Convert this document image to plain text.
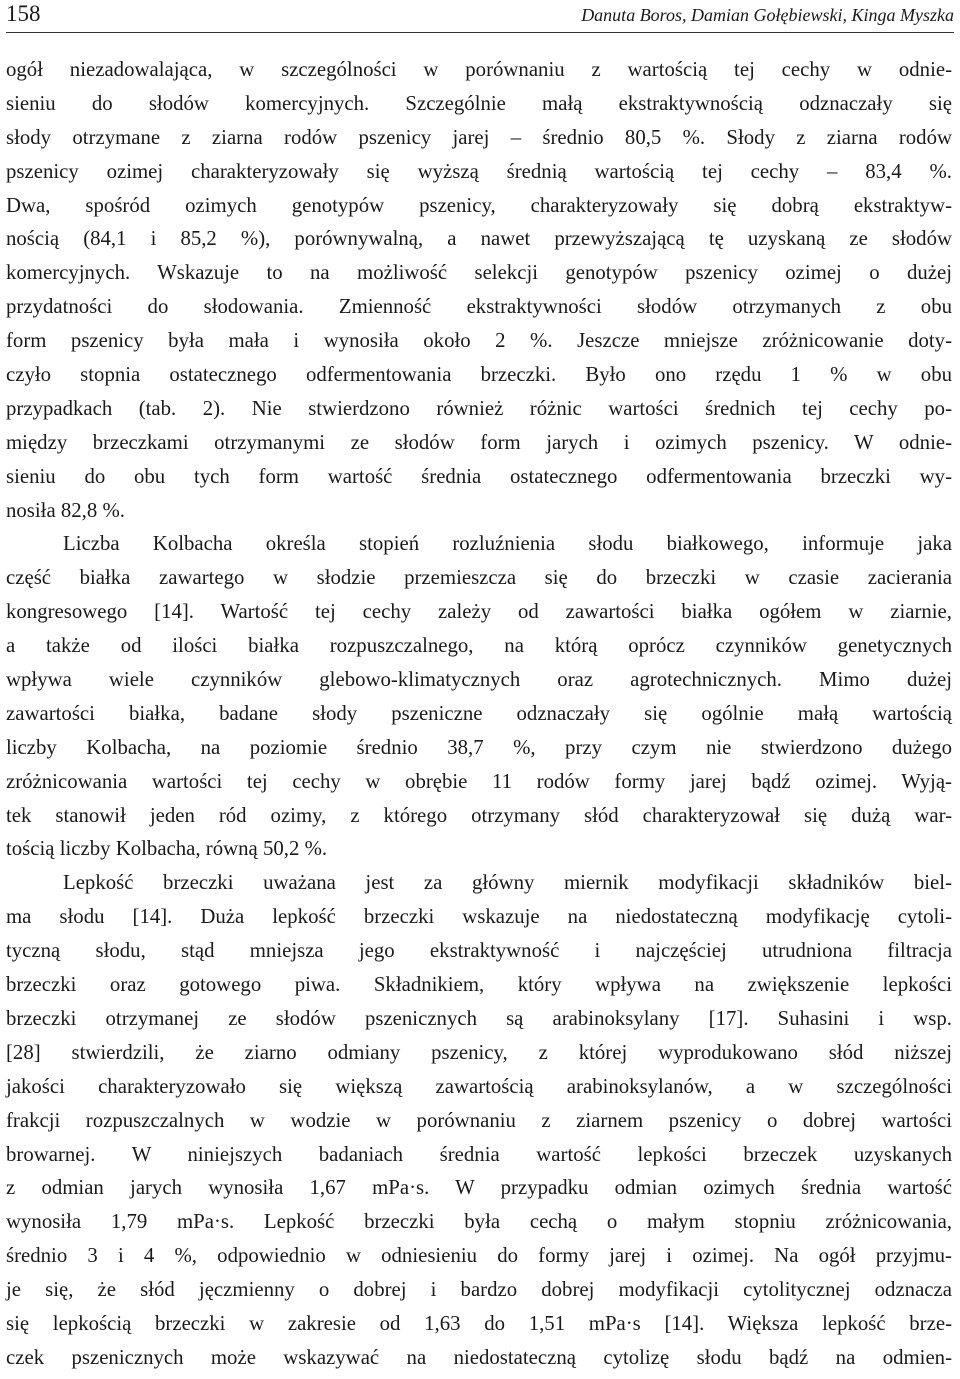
158	Danuta Boros, Damian Gołębiewski, Kinga Myszka
ogół niezadowalająca, w szczególności w porównaniu z wartością tej cechy w odnie-
sieniu do słodów komercyjnych. Szczególnie małą ekstraktywnością odznaczały się
słody otrzymane z ziarna rodów pszenicy jarej – średnio 80,5 %. Słody z ziarna rodów
pszenicy ozimej charakteryzowały się wyższą średnią wartością tej cechy – 83,4 %.
Dwa, spośród ozimych genotypów pszenicy, charakteryzowały się dobrą ekstraktyw-
nością (84,1 i 85,2 %), porównywalną, a nawet przewyższającą tę uzyskaną ze słodów
komercyjnych. Wskazuje to na możliwość selekcji genotypów pszenicy ozimej o dużej
przydatności do słodowania. Zmienność ekstraktywności słodów otrzymanych z obu
form pszenicy była mała i wynosiła około 2 %. Jeszcze mniejsze zróżnicowanie doty-
czyło stopnia ostatecznego odfermentowania brzeczki. Było ono rzędu 1 % w obu
przypadkach (tab. 2). Nie stwierdzono również różnic wartości średnich tej cechy po-
między brzeczkami otrzymanymi ze słodów form jarych i ozimych pszenicy. W odnie-
sieniu do obu tych form wartość średnia ostatecznego odfermentowania brzeczki wy-
nosiła 82,8 %.
Liczba Kolbacha określa stopień rozluźnienia słodu białkowego, informuje jaka
część białka zawartego w słodzie przemieszcza się do brzeczki w czasie zacierania
kongresowego [14]. Wartość tej cechy zależy od zawartości białka ogółem w ziarnie,
a także od ilości białka rozpuszczalnego, na którą oprócz czynników genetycznych
wpływa wiele czynników glebowo-klimatycznych oraz agrotechnicznych. Mimo dużej
zawartości białka, badane słody pszeniczne odznaczały się ogólnie małą wartością
liczby Kolbacha, na poziomie średnio 38,7 %, przy czym nie stwierdzono dużego
zróżnicowania wartości tej cechy w obrębie 11 rodów formy jarej bądź ozimej. Wyją-
tek stanowił jeden ród ozimy, z którego otrzymany słód charakteryzował się dużą war-
tością liczby Kolbacha, równą 50,2 %.
Lepkość brzeczki uważana jest za główny miernik modyfikacji składników biel-
ma słodu [14]. Duża lepkość brzeczki wskazuje na niedostateczną modyfikację cytoli-
tyczną słodu, stąd mniejsza jego ekstraktywność i najczęściej utrudniona filtracja
brzeczki oraz gotowego piwa. Składnikiem, który wpływa na zwiększenie lepkości
brzeczki otrzymanej ze słodów pszenicznych są arabinoksylany [17]. Suhasini i wsp.
[28] stwierdzili, że ziarno odmiany pszenicy, z której wyprodukowano słód niższej
jakości charakteryzowało się większą zawartością arabinoksylanów, a w szczególności
frakcji rozpuszczalnych w wodzie w porównaniu z ziarnem pszenicy o dobrej wartości
browarnej. W niniejszych badaniach średnia wartość lepkości brzeczek uzyskanych
z odmian jarych wynosiła 1,67 mPa·s. W przypadku odmian ozimych średnia wartość
wynosiła 1,79 mPa·s. Lepkość brzeczki była cechą o małym stopniu zróżnicowania,
średnio 3 i 4 %, odpowiednio w odniesieniu do formy jarej i ozimej. Na ogół przyjmu-
je się, że słód jęczmienny o dobrej i bardzo dobrej modyfikacji cytolitycznej odznacza
się lepkością brzeczki w zakresie od 1,63 do 1,51 mPa·s [14]. Większa lepkość brze-
czek pszenicznych może wskazywać na niedostateczną cytolizę słodu bądź na odmien-
